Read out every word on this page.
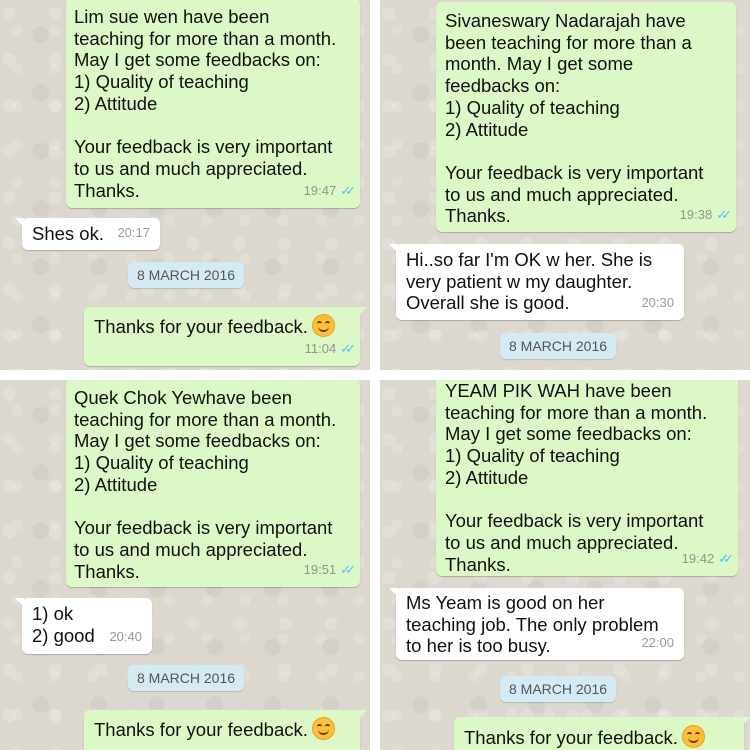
Lim sue wen have been
teaching for more than a month.
May I get some feedbacks on:
1) Quality of teaching
2) Attitude
Your feedback is very important
to us and much appreciated.
Thanks.	19:47 ✓✓
Shes ok.	20:17
8 MARCH 2016
Thanks for your feedback.
11:04 ✓✓
Sivaneswary Nadarajah have
been teaching for more than a
month. May I get some
feedbacks on:
1) Quality of teaching
2) Attitude
Your feedback is very important
to us and much appreciated.
Thanks.	19:38 ✓✓
Hi..so far I'm OK w her. She is
very patient w my daughter.
Overall she is good.	20:30
8 MARCH 2016
Quek Chok Yewhave been
teaching for more than a month.
May I get some feedbacks on:
1) Quality of teaching
2) Attitude
Your feedback is very important
to us and much appreciated.
Thanks.	19:51 ✓✓
1) ok
2) good	20:40
8 MARCH 2016
Thanks for your feedback.
YEAM PIK WAH have been
teaching for more than a month.
May I get some feedbacks on:
1) Quality of teaching
2) Attitude
Your feedback is very important
to us and much appreciated.
Thanks.	19:42 ✓✓
Ms Yeam is good on her
teaching job. The only problem
to her is too busy.	22:00
8 MARCH 2016
Thanks for your feedback.
